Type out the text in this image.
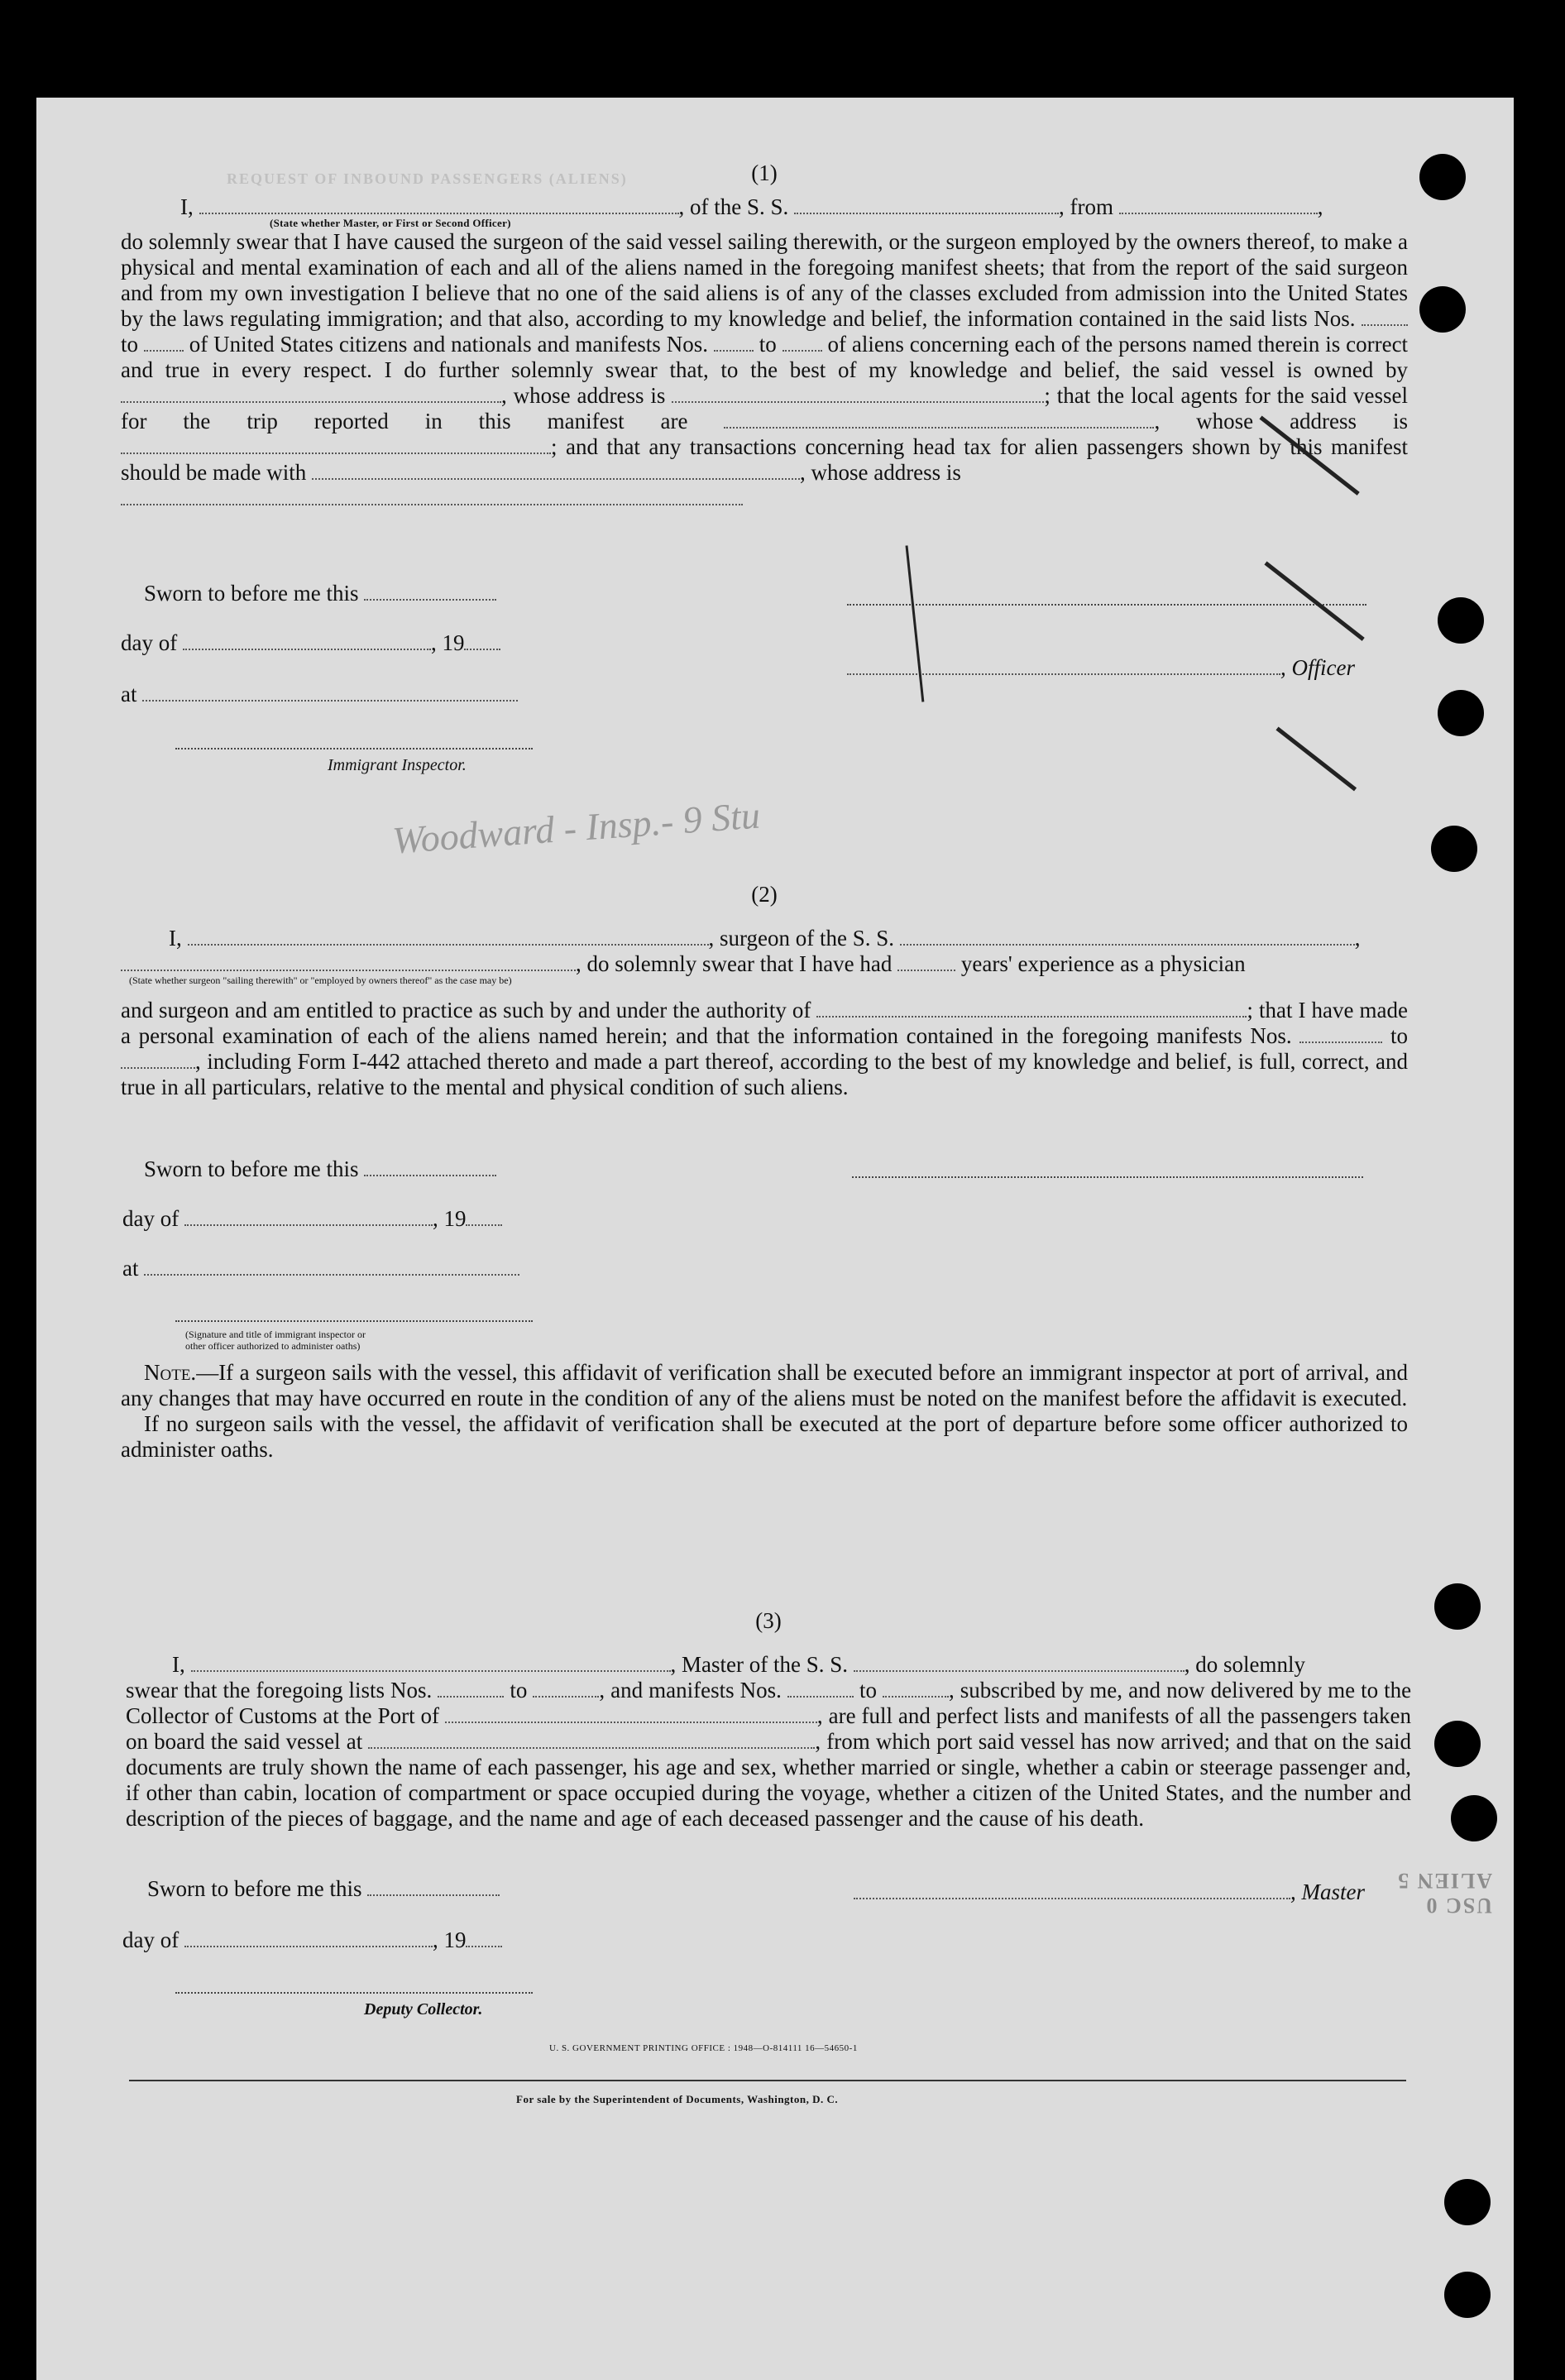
REQUEST OF INBOUND PASSENGERS (ALIENS)	(1)

I,	, of the S. S.	, from	,

(State whether Master, or First or Second Officer)

do solemnly swear that I have caused the surgeon of the said vessel sailing therewith, or the surgeon employed by the owners thereof, to make a physical and mental examination of each and all of the aliens named in the foregoing manifest sheets; that from the report of the said surgeon and from my own investigation I believe that no one of the said aliens is of any of the classes excluded from admission into the United States by the laws regulating immigration; and that also, according to my knowledge and belief, the information contained in the said lists Nos.  to of United States citizens and nationals and manifests Nos. to of aliens concerning each of the persons named therein is correct and true in every respect. I do further solemnly swear that, to the best of my knowledge and belief, the said vessel is owned by , whose address is	; that the local agents for the said vessel for the trip reported in this manifest are	, whose address is ; and that any transactions concerning head tax for alien passengers shown by this manifest should be made with	, whose address is

Sworn to before me this
day of	, 19
at
Immigrant Inspector.
, Officer
Woodward - Insp.- 9 Stu
(2)

I,	, surgeon of the S. S.	,

, do solemnly swear that I have had	years' experience as a physician

(State whether surgeon "sailing therewith" or "employed by owners thereof" as the case may be)

and surgeon and am entitled to practice as such by and under the authority of	; that I have made a personal examination of each of the aliens named herein; and that the information contained in the foregoing manifests Nos.	to , including Form I-442 attached thereto and made a part thereof, according to the best of my knowledge and belief, is full, correct, and true in all particulars, relative to the mental and physical condition of such aliens.

Sworn to before me this
day of	, 19
at
(Signature and title of immigrant inspector or
other officer authorized to administer oaths)

Note.—If a surgeon sails with the vessel, this affidavit of verification shall be executed before an immigrant inspector at port of arrival, and any changes that may have occurred en route in the condition of any of the aliens must be noted on the manifest before the affidavit is executed.

If no surgeon sails with the vessel, the affidavit of verification shall be executed at the port of departure before some officer authorized to administer oaths.

(3)

I,	, Master of the S. S.	, do solemnly

swear that the foregoing lists Nos.	to	, and manifests Nos.	to	, subscribed by me, and now delivered by me to the Collector of Customs at the Port of	, are full and perfect lists and manifests of all the passengers taken on board the said vessel at	, from which port said vessel has now arrived; and that on the said documents are truly shown the name of each passenger, his age and sex, whether married or single, whether a cabin or steerage passenger and, if other than cabin, location of compartment or space occupied during the voyage, whether a citizen of the United States, and the number and description of the pieces of baggage, and the name and age of each deceased passenger and the cause of his death.

Sworn to before me this	, Master
day of	, 19
Deputy Collector.
U. S. GOVERNMENT PRINTING OFFICE : 1948—O-814111 16—54650-1
For sale by the Superintendent of Documents, Washington, D. C.
USC 0 ALIEN 5
